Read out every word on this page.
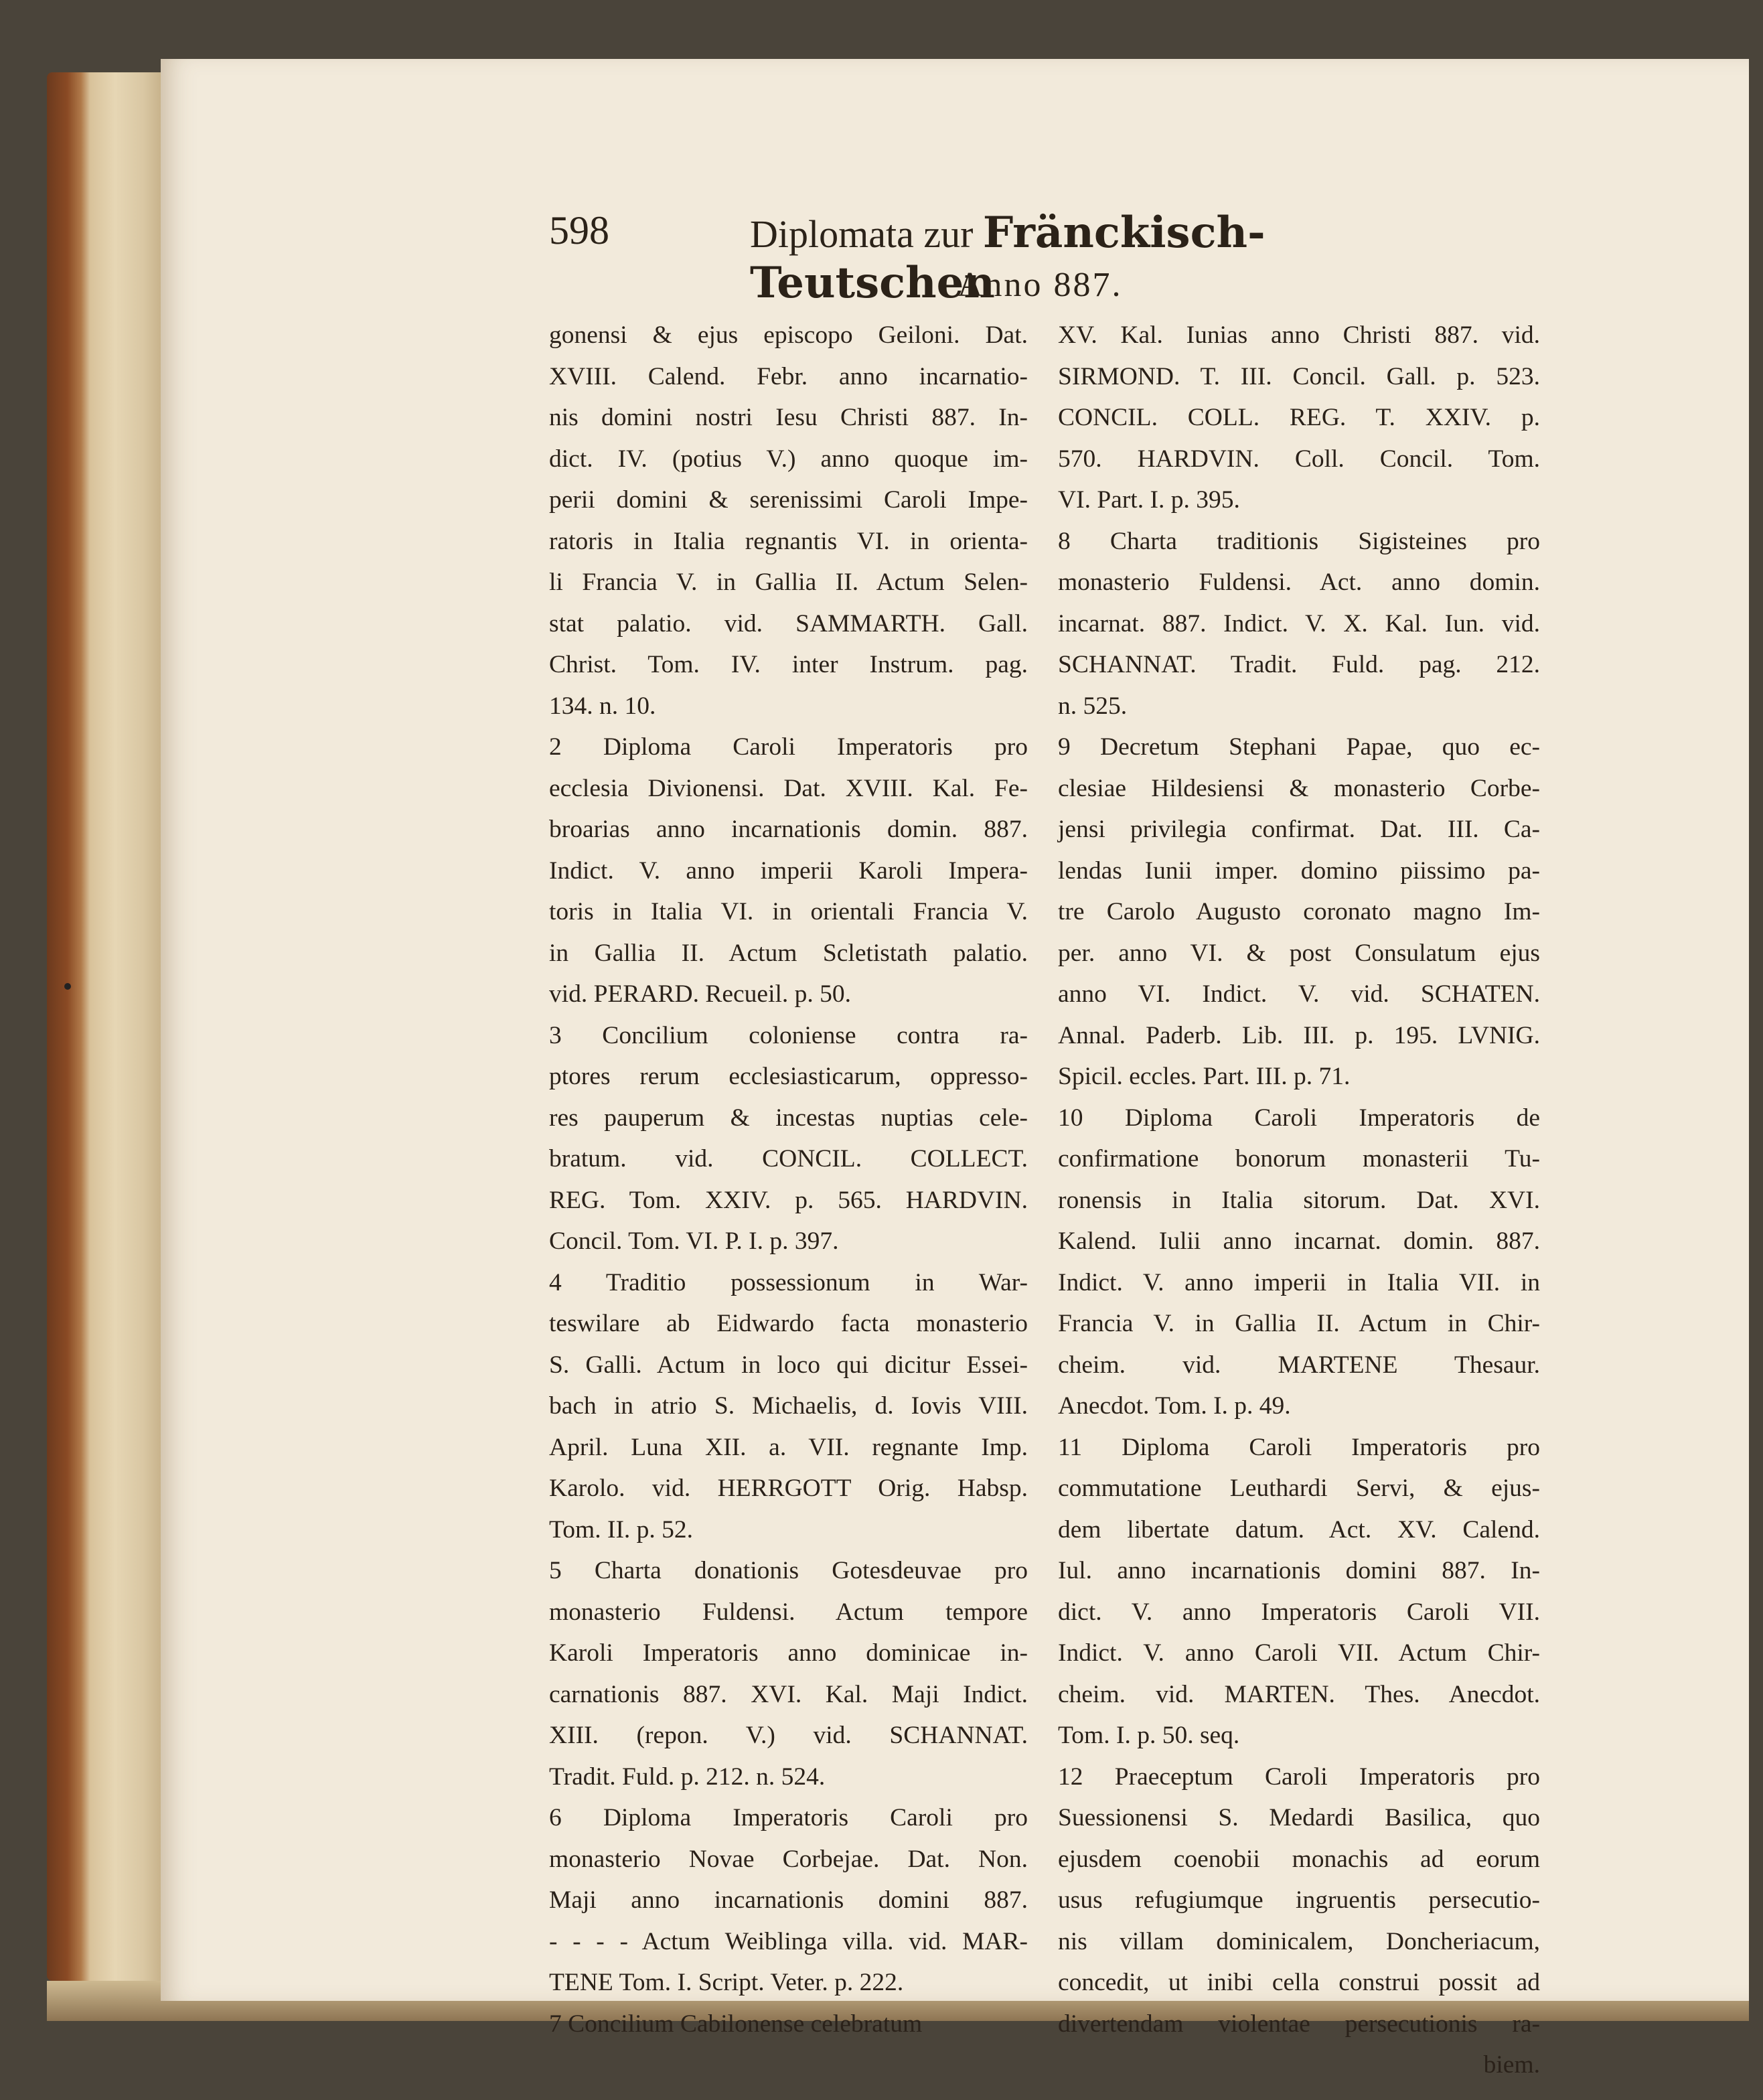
598	Diplomata zur Fränckisch-Teutschen
Anno 887.

gonensi & ejus episcopo Geiloni. Dat.

XVIII. Calend. Febr. anno incarnatio-

nis domini nostri Iesu Christi 887. In-

dict. IV. (potius V.) anno quoque im-

perii domini & serenissimi Caroli Impe-

ratoris in Italia regnantis VI. in orienta-

li Francia V. in Gallia II. Actum Selen-

stat palatio. vid. SAMMARTH. Gall.

Christ. Tom. IV. inter Instrum. pag.

134. n. 10.

2 Diploma Caroli Imperatoris pro

ecclesia Divionensi. Dat. XVIII. Kal. Fe-

broarias anno incarnationis domin. 887.

Indict. V. anno imperii Karoli Impera-

toris in Italia VI. in orientali Francia V.

in Gallia II. Actum Scletistath palatio.

vid. PERARD. Recueil. p. 50.

3 Concilium coloniense contra ra-

ptores rerum ecclesiasticarum, oppresso-

res pauperum & incestas nuptias cele-

bratum. vid. CONCIL. COLLECT.

REG. Tom. XXIV. p. 565. HARDVIN.

Concil. Tom. VI. P. I. p. 397.

4 Traditio possessionum in War-

teswilare ab Eidwardo facta monasterio

S. Galli. Actum in loco qui dicitur Essei-

bach in atrio S. Michaelis, d. Iovis VIII.

April. Luna XII. a. VII. regnante Imp.

Karolo. vid. HERRGOTT Orig. Habsp.

Tom. II. p. 52.

5 Charta donationis Gotesdeuvae pro

monasterio Fuldensi. Actum tempore

Karoli Imperatoris anno dominicae in-

carnationis 887. XVI. Kal. Maji Indict.

XIII. (repon. V.) vid. SCHANNAT.

Tradit. Fuld. p. 212. n. 524.

6 Diploma Imperatoris Caroli pro

monasterio Novae Corbejae. Dat. Non.

Maji anno incarnationis domini 887.

- - - - Actum Weiblinga villa. vid. MAR-

TENE Tom. I. Script. Veter. p. 222.

7 Concilium Cabilonense celebratum

XV. Kal. Iunias anno Christi 887. vid.

SIRMOND. T. III. Concil. Gall. p. 523.

CONCIL. COLL. REG. T. XXIV. p.

570. HARDVIN. Coll. Concil. Tom.

VI. Part. I. p. 395.

8 Charta traditionis Sigisteines pro

monasterio Fuldensi. Act. anno domin.

incarnat. 887. Indict. V. X. Kal. Iun. vid.

SCHANNAT. Tradit. Fuld. pag. 212.

n. 525.

9 Decretum Stephani Papae, quo ec-

clesiae Hildesiensi & monasterio Corbe-

jensi privilegia confirmat. Dat. III. Ca-

lendas Iunii imper. domino piissimo pa-

tre Carolo Augusto coronato magno Im-

per. anno VI. & post Consulatum ejus

anno VI. Indict. V. vid. SCHATEN.

Annal. Paderb. Lib. III. p. 195. LVNIG.

Spicil. eccles. Part. III. p. 71.

10 Diploma Caroli Imperatoris de

confirmatione bonorum monasterii Tu-

ronensis in Italia sitorum. Dat. XVI.

Kalend. Iulii anno incarnat. domin. 887.

Indict. V. anno imperii in Italia VII. in

Francia V. in Gallia II. Actum in Chir-

cheim. vid. MARTENE Thesaur.

Anecdot. Tom. I. p. 49.

11 Diploma Caroli Imperatoris pro

commutatione Leuthardi Servi, & ejus-

dem libertate datum. Act. XV. Calend.

Iul. anno incarnationis domini 887. In-

dict. V. anno Imperatoris Caroli VII.

Indict. V. anno Caroli VII. Actum Chir-

cheim. vid. MARTEN. Thes. Anecdot.

Tom. I. p. 50. seq.

12 Praeceptum Caroli Imperatoris pro

Suessionensi S. Medardi Basilica, quo

ejusdem coenobii monachis ad eorum

usus refugiumque ingruentis persecutio-

nis villam dominicalem, Doncheriacum,

concedit, ut inibi cella construi possit ad

divertendam violentae persecutionis ra-

biem.
